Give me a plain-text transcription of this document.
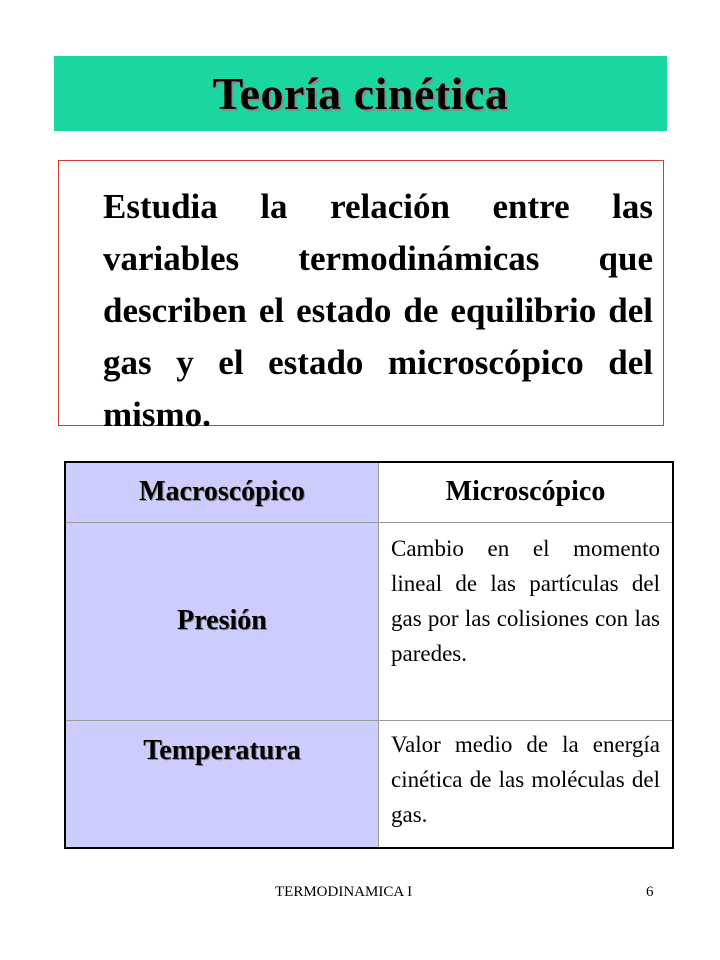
Teoría cinética
Estudia la relación entre las variables termodinámicas que describen el estado de equilibrio del gas y el estado microscópico del mismo.
Macroscópico	Microscópico
Presión	Cambio en el momento lineal de las partículas del gas por las colisiones con las paredes.
Temperatura	Valor medio de la energía cinética de las moléculas del gas.
TERMODINAMICA I	6
